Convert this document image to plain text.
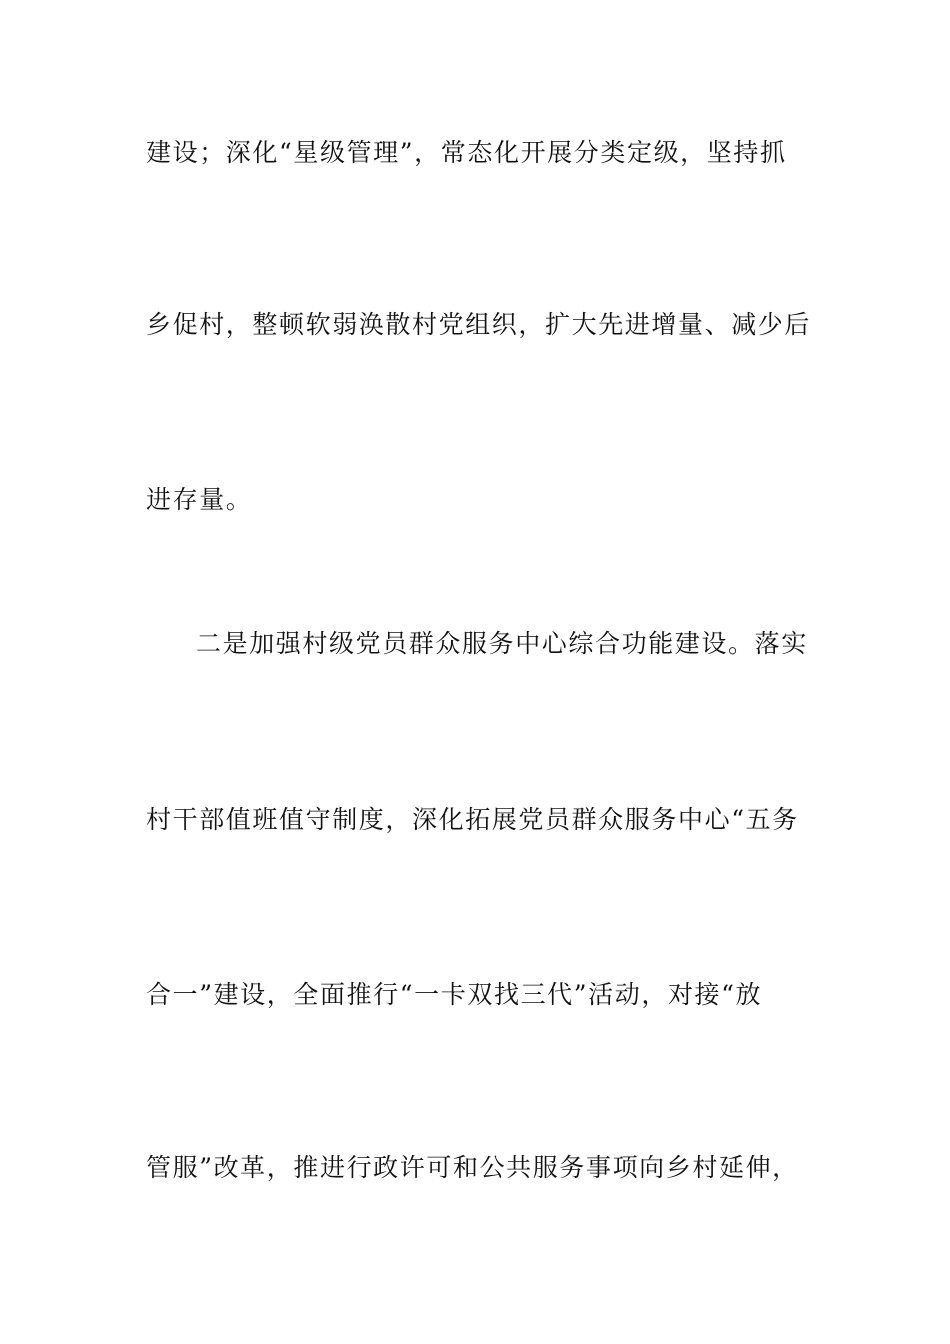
建设；深化“星级管理”，常态化开展分类定级，坚持抓
乡促村，整顿软弱涣散村党组织，扩大先进增量、减少后
进存量。
二是加强村级党员群众服务中心综合功能建设。落实
村干部值班值守制度，深化拓展党员群众服务中心“五务
合一”建设，全面推行“一卡双找三代”活动，对接“放
管服”改革，推进行政许可和公共服务事项向乡村延伸，
